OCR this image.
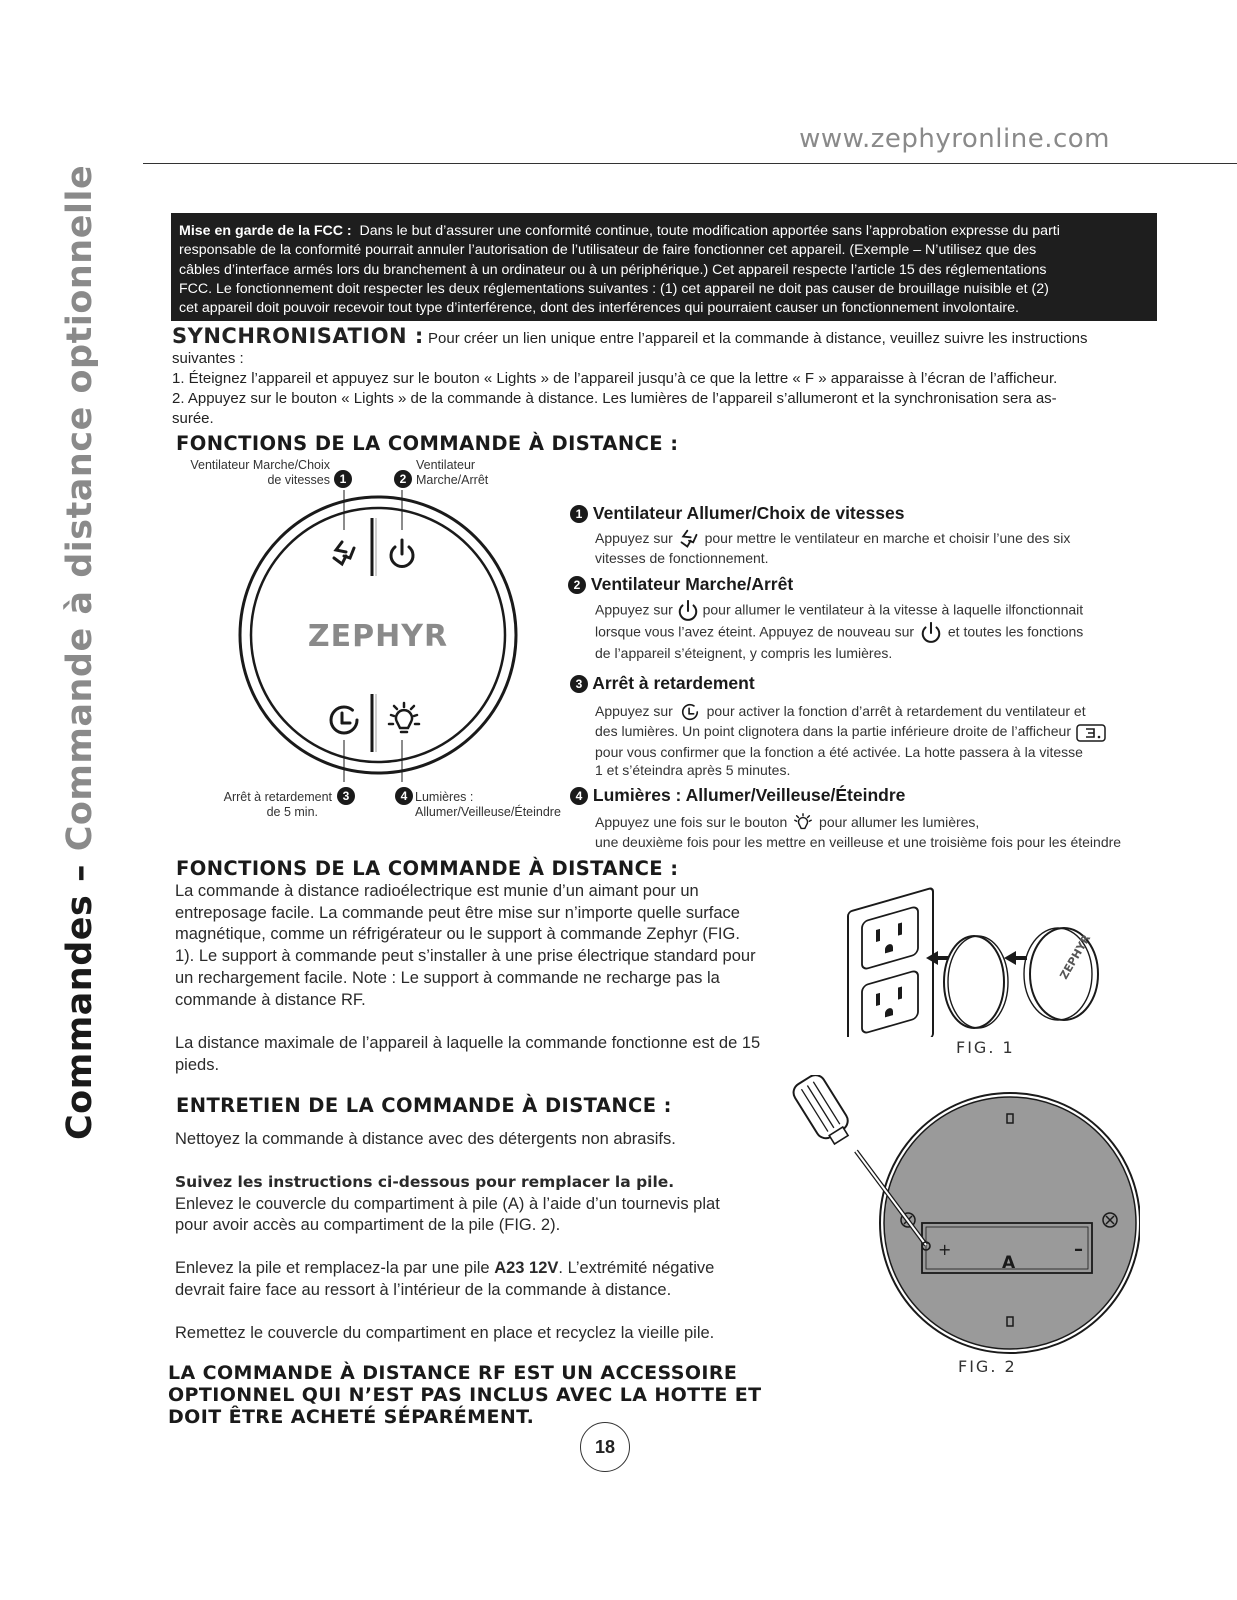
www.zephyronline.com
Commandes – Commande à distance optionnelle	Mise en garde de la FCC : Dans le but d’assurer une conformité continue, toute modification apportée sans l’approbation expresse du parti
responsable de la conformité pourrait annuler l’autorisation de l’utilisateur de faire fonctionner cet appareil. (Exemple – N’utilisez que des
câbles d’interface armés lors du branchement à un ordinateur ou à un périphérique.) Cet appareil respecte l’article 15 des réglementations
FCC. Le fonctionnement doit respecter les deux réglementations suivantes : (1) cet appareil ne doit pas causer de brouillage nuisible et (2)
cet appareil doit pouvoir recevoir tout type d’interférence, dont des interférences qui pourraient causer un fonctionnement involontaire.
SYNCHRONISATION : Pour créer un lien unique entre l’appareil et la commande à distance, veuillez suivre les instructions
suivantes :
1. Éteignez l’appareil et appuyez sur le bouton « Lights » de l’appareil jusqu’à ce que la lettre « F » apparaisse à l’écran de l’afficheur.
2. Appuyez sur le bouton « Lights » de la commande à distance. Les lumières de l’appareil s’allumeront et la synchronisation sera as-
surée.
FONCTIONS DE LA COMMANDE À DISTANCE :
Ventilateur Marche/Choix
de vitesses 1	2
Ventilateur
Marche/Arrêt
Arrêt à retardement
de 5 min.
3	4 Lumières :
Allumer/Veilleuse/Éteindre
ZEPHYR
1 Ventilateur Allumer/Choix de vitesses
Appuyez sur pour mettre le ventilateur en marche et choisir l’une des six
vitesses de fonctionnement.
2 Ventilateur Marche/Arrêt
Appuyez sur pour allumer le ventilateur à la vitesse à laquelle ilfonctionnait
lorsque vous l’avez éteint. Appuyez de nouveau sur et toutes les fonctions
de l’appareil s’éteignent, y compris les lumières.
3 Arrêt à retardement
Appuyez sur pour activer la fonction d’arrêt à retardement du ventilateur et
des lumières. Un point clignotera dans la partie inférieure droite de l’afficheur
pour vous confirmer que la fonction a été activée. La hotte passera à la vitesse
1 et s’éteindra après 5 minutes.
4 Lumières : Allumer/Veilleuse/Éteindre
Appuyez une fois sur le bouton pour allumer les lumières,
une deuxième fois pour les mettre en veilleuse et une troisième fois pour les éteindre
FONCTIONS DE LA COMMANDE À DISTANCE :
La commande à distance radioélectrique est munie d’un aimant pour un
entreposage facile. La commande peut être mise sur n’importe quelle surface
magnétique, comme un réfrigérateur ou le support à commande Zephyr (FIG.
1). Le support à commande peut s’installer à une prise électrique standard pour
un rechargement facile. Note : Le support à commande ne recharge pas la
commande à distance RF.
La distance maximale de l’appareil à laquelle la commande fonctionne est de 15
pieds.
ZEPHYR
FIG. 1
ENTRETIEN DE LA COMMANDE À DISTANCE :
Nettoyez la commande à distance avec des détergents non abrasifs.
Suivez les instructions ci-dessous pour remplacer la pile.
Enlevez le couvercle du compartiment à pile (A) à l’aide d’un tournevis plat
pour avoir accès au compartiment de la pile (FIG. 2).
Enlevez la pile et remplacez-la par une pile A23 12V. L’extrémité négative
devrait faire face au ressort à l’intérieur de la commande à distance.
Remettez le couvercle du compartiment en place et recyclez la vieille pile.
+	–
A
FIG. 2
LA COMMANDE À DISTANCE RF EST UN ACCESSOIRE
OPTIONNEL QUI N’EST PAS INCLUS AVEC LA HOTTE ET
DOIT ÊTRE ACHETÉ SÉPARÉMENT.
18
